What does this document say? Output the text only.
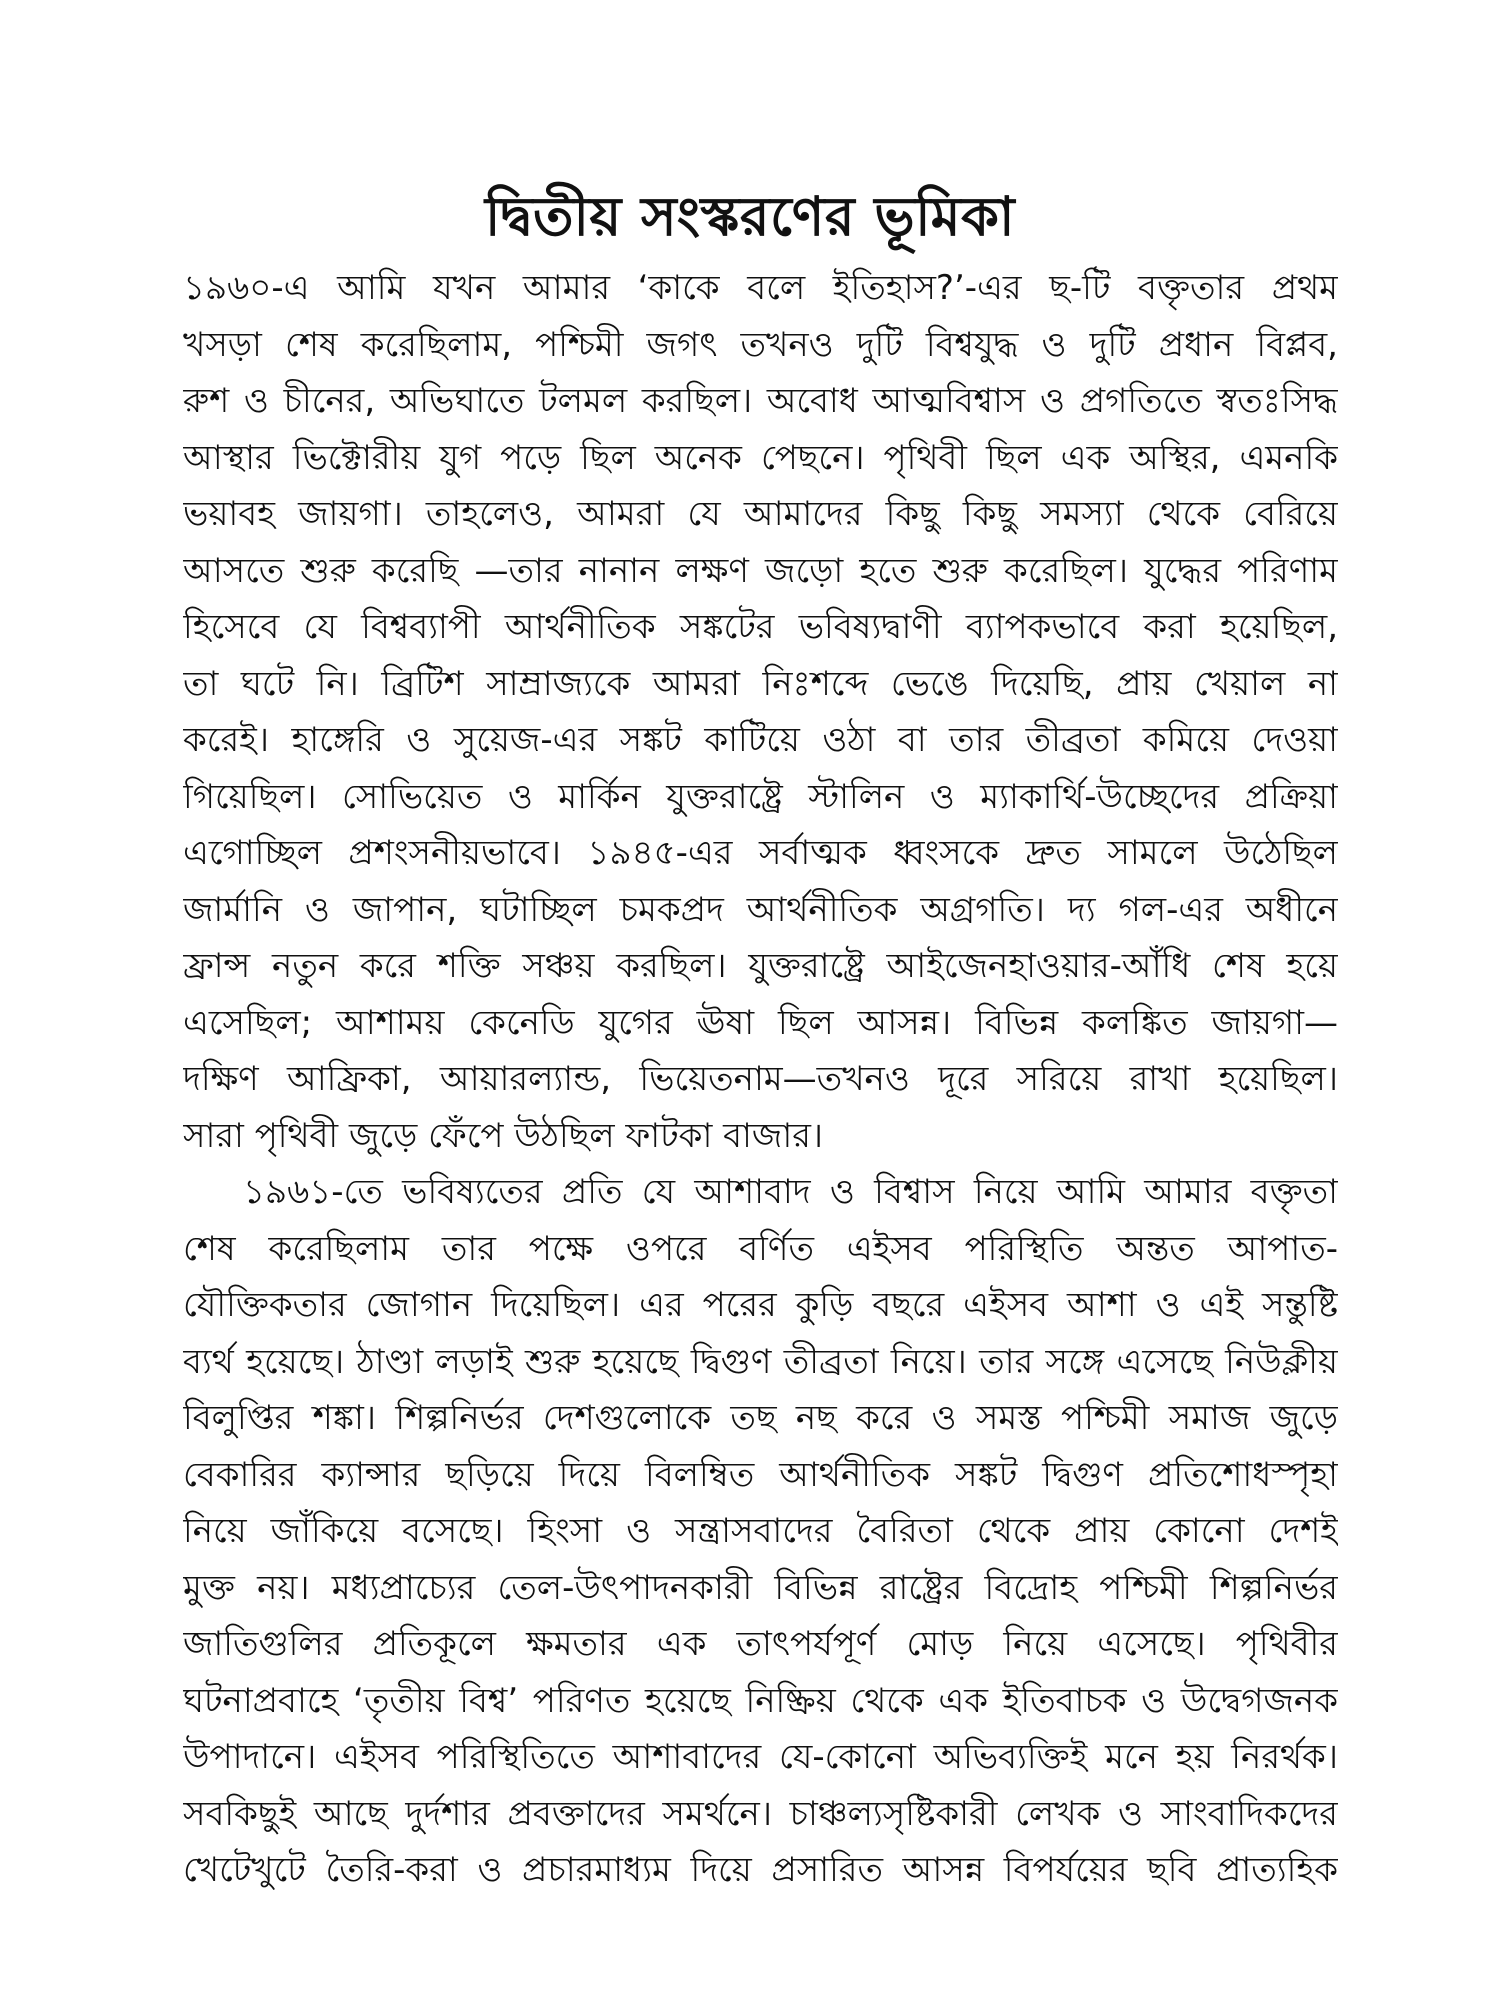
দ্বিতীয় সংস্করণের ভূমিকা
১৯৬০-এ আমি যখন আমার ‘কাকে বলে ইতিহাস?’-এর ছ-টি বক্তৃতার প্রথম
খসড়া শেষ করেছিলাম, পশ্চিমী জগৎ তখনও দুটি বিশ্বযুদ্ধ ও দুটি প্রধান বিপ্লব,
রুশ ও চীনের, অভিঘাতে টলমল করছিল। অবোধ আত্মবিশ্বাস ও প্রগতিতে স্বতঃসিদ্ধ
আস্থার ভিক্টোরীয় যুগ পড়ে ছিল অনেক পেছনে। পৃথিবী ছিল এক অস্থির, এমনকি
ভয়াবহ জায়গা। তাহলেও, আমরা যে আমাদের কিছু কিছু সমস্যা থেকে বেরিয়ে
আসতে শুরু করেছি —তার নানান লক্ষণ জড়ো হতে শুরু করেছিল। যুদ্ধের পরিণাম
হিসেবে যে বিশ্বব্যাপী আর্থনীতিক সঙ্কটের ভবিষ্যদ্বাণী ব্যাপকভাবে করা হয়েছিল,
তা ঘটে নি। ব্রিটিশ সাম্রাজ্যকে আমরা নিঃশব্দে ভেঙে দিয়েছি, প্রায় খেয়াল না
করেই। হাঙ্গেরি ও সুয়েজ-এর সঙ্কট কাটিয়ে ওঠা বা তার তীব্রতা কমিয়ে দেওয়া
গিয়েছিল। সোভিয়েত ও মার্কিন যুক্তরাষ্ট্রে স্টালিন ও ম্যাকার্থি-উচ্ছেদের প্রক্রিয়া
এগোচ্ছিল প্রশংসনীয়ভাবে। ১৯৪৫-এর সর্বাত্মক ধ্বংসকে দ্রুত সামলে উঠেছিল
জার্মানি ও জাপান, ঘটাচ্ছিল চমকপ্রদ আর্থনীতিক অগ্রগতি। দ্য গল-এর অধীনে
ফ্রান্স নতুন করে শক্তি সঞ্চয় করছিল। যুক্তরাষ্ট্রে আইজেনহাওয়ার-আঁধি শেষ হয়ে
এসেছিল; আশাময় কেনেডি যুগের ঊষা ছিল আসন্ন। বিভিন্ন কলঙ্কিত জায়গা—
দক্ষিণ আফ্রিকা, আয়ারল্যান্ড, ভিয়েতনাম—তখনও দূরে সরিয়ে রাখা হয়েছিল।
সারা পৃথিবী জুড়ে ফেঁপে উঠছিল ফাটকা বাজার।
১৯৬১-তে ভবিষ্যতের প্রতি যে আশাবাদ ও বিশ্বাস নিয়ে আমি আমার বক্তৃতা
শেষ করেছিলাম তার পক্ষে ওপরে বর্ণিত এইসব পরিস্থিতি অন্তত আপাত-
যৌক্তিকতার জোগান দিয়েছিল। এর পরের কুড়ি বছরে এইসব আশা ও এই সন্তুষ্টি
ব্যর্থ হয়েছে। ঠাণ্ডা লড়াই শুরু হয়েছে দ্বিগুণ তীব্রতা নিয়ে। তার সঙ্গে এসেছে নিউক্লীয়
বিলুপ্তির শঙ্কা। শিল্পনির্ভর দেশগুলোকে তছ নছ করে ও সমস্ত পশ্চিমী সমাজ জুড়ে
বেকারির ক্যান্সার ছড়িয়ে দিয়ে বিলম্বিত আর্থনীতিক সঙ্কট দ্বিগুণ প্রতিশোধস্পৃহা
নিয়ে জাঁকিয়ে বসেছে। হিংসা ও সন্ত্রাসবাদের বৈরিতা থেকে প্রায় কোনো দেশই
মুক্ত নয়। মধ্যপ্রাচ্যের তেল-উৎপাদনকারী বিভিন্ন রাষ্ট্রের বিদ্রোহ পশ্চিমী শিল্পনির্ভর
জাতিগুলির প্রতিকূলে ক্ষমতার এক তাৎপর্যপূর্ণ মোড় নিয়ে এসেছে। পৃথিবীর
ঘটনাপ্রবাহে ‘তৃতীয় বিশ্ব’ পরিণত হয়েছে নিষ্ক্রিয় থেকে এক ইতিবাচক ও উদ্বেগজনক
উপাদানে। এইসব পরিস্থিতিতে আশাবাদের যে-কোনো অভিব্যক্তিই মনে হয় নিরর্থক।
সবকিছুই আছে দুর্দশার প্রবক্তাদের সমর্থনে। চাঞ্চল্যসৃষ্টিকারী লেখক ও সাংবাদিকদের
খেটেখুটে তৈরি-করা ও প্রচারমাধ্যম দিয়ে প্রসারিত আসন্ন বিপর্যয়ের ছবি প্রাত্যহিক
